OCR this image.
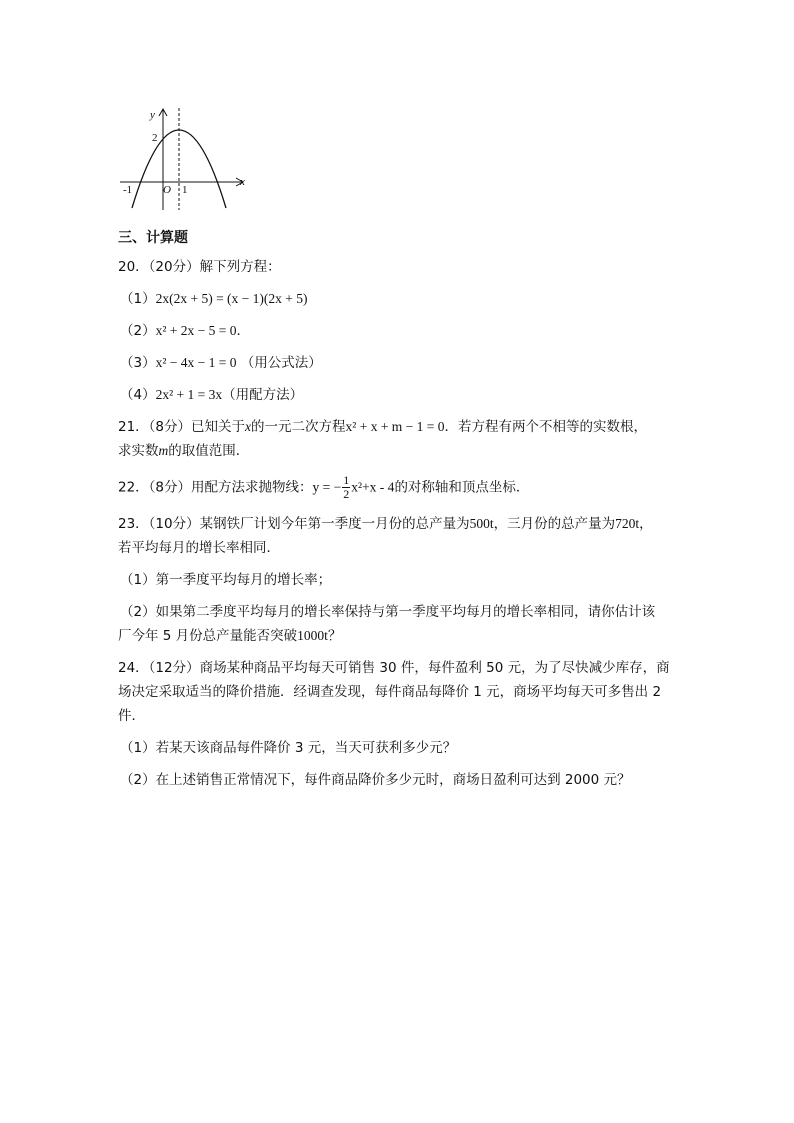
y
x
2
-1	O 1
三、计算题
20．（20分）解下列方程：
（1）2x(2x + 5) = (x − 1)(2x + 5)
（2）x² + 2x − 5 = 0．
（3）x² − 4x − 1 = 0 （用公式法）
（4）2x² + 1 = 3x（用配方法）
21．（8分）已知关于x的一元二次方程x² + x + m − 1 = 0．若方程有两个不相等的实数根，
求实数m的取值范围．
22．（8分）用配方法求抛物线：y = − $\frac{1}{2} x^2+x - 4$的对称轴和顶点坐标．
23．（10分）某钢铁厂计划今年第一季度一月份的总产量为500t，三月份的总产量为720t，
若平均每月的增长率相同．
（1）第一季度平均每月的增长率；
（2）如果第二季度平均每月的增长率保持与第一季度平均每月的增长率相同，请你估计该
厂今年 5 月份总产量能否突破1000t？
24．（12分）商场某种商品平均每天可销售 30 件，每件盈利 50 元，为了尽快减少库存，商
场决定采取适当的降价措施．经调查发现，每件商品每降价 1 元，商场平均每天可多售出 2
件．
（1）若某天该商品每件降价 3 元，当天可获利多少元？
（2）在上述销售正常情况下，每件商品降价多少元时，商场日盈利可达到 2000 元？
